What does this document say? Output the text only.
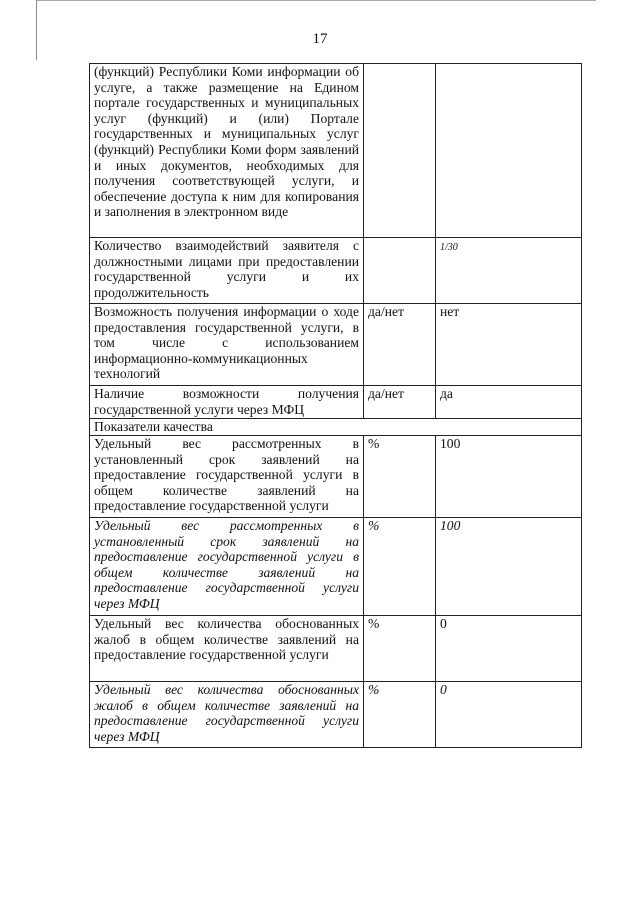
17
(функций) Республики Коми информации об услуге, а также размещение на Едином портале государственных и муниципальных услуг (функций) и (или) Портале государственных и муниципальных услуг (функций) Республики Коми форм заявлений и иных документов, необходимых для получения соответствующей услуги, и обеспечение доступа к ним для копирования и заполнения в электронном виде		
Количество взаимодействий заявителя с должностными лицами при предоставлении государственной услуги и их продолжительность		1/30
Возможность получения информации о ходе предоставления государственной услуги, в том числе с использованием информационно-коммуникационных технологий	да/нет	нет
Наличие возможности получения государственной услуги через МФЦ	да/нет	да
Показатели качества		
Удельный вес рассмотренных в установленный срок заявлений на предоставление государственной услуги в общем количестве заявлений на предоставление государственной услуги	%	100
Удельный вес рассмотренных в установленный срок заявлений на предоставление государственной услуги в общем количестве заявлений на предоставление государственной услуги через МФЦ	%	100
Удельный вес количества обоснованных жалоб в общем количестве заявлений на предоставление государственной услуги	%	0
Удельный вес количества обоснованных жалоб в общем количестве заявлений на предоставление государственной услуги через МФЦ	%	0
